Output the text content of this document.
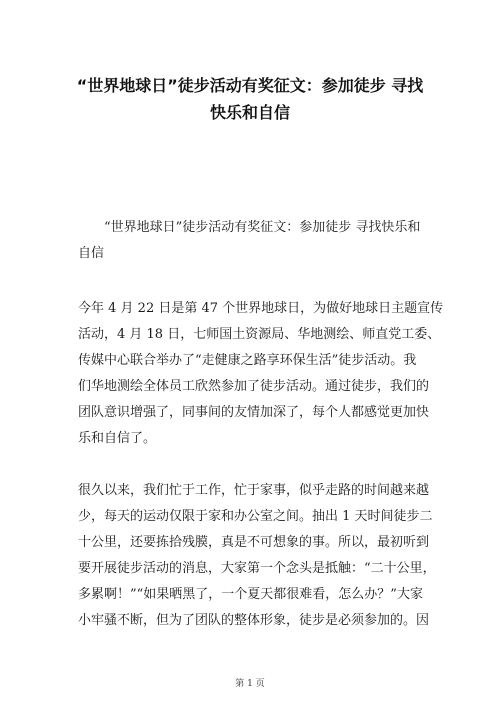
“世界地球日”徒步活动有奖征文：参加徒步 寻找
快乐和自信
“世界地球日”徒步活动有奖征文：参加徒步 寻找快乐和
自信
今年 4 月 22 日是第 47 个世界地球日，为做好地球日主题宣传
活动，4 月 18 日，七师国土资源局、华地测绘、师直党工委、
传媒中心联合举办了“走健康之路享环保生活”徒步活动。我
们华地测绘全体员工欣然参加了徒步活动。通过徒步，我们的
团队意识增强了，同事间的友情加深了，每个人都感觉更加快
乐和自信了。
很久以来，我们忙于工作，忙于家事，似乎走路的时间越来越
少，每天的运动仅限于家和办公室之间。抽出 1 天时间徒步二
十公里，还要拣拾残膜，真是不可想象的事。所以，最初听到
要开展徒步活动的消息，大家第一个念头是抵触：“二十公里，
多累啊！”“如果晒黑了，一个夏天都很难看，怎么办？”大家
小牢骚不断，但为了团队的整体形象，徒步是必须参加的。因
第 1 页
